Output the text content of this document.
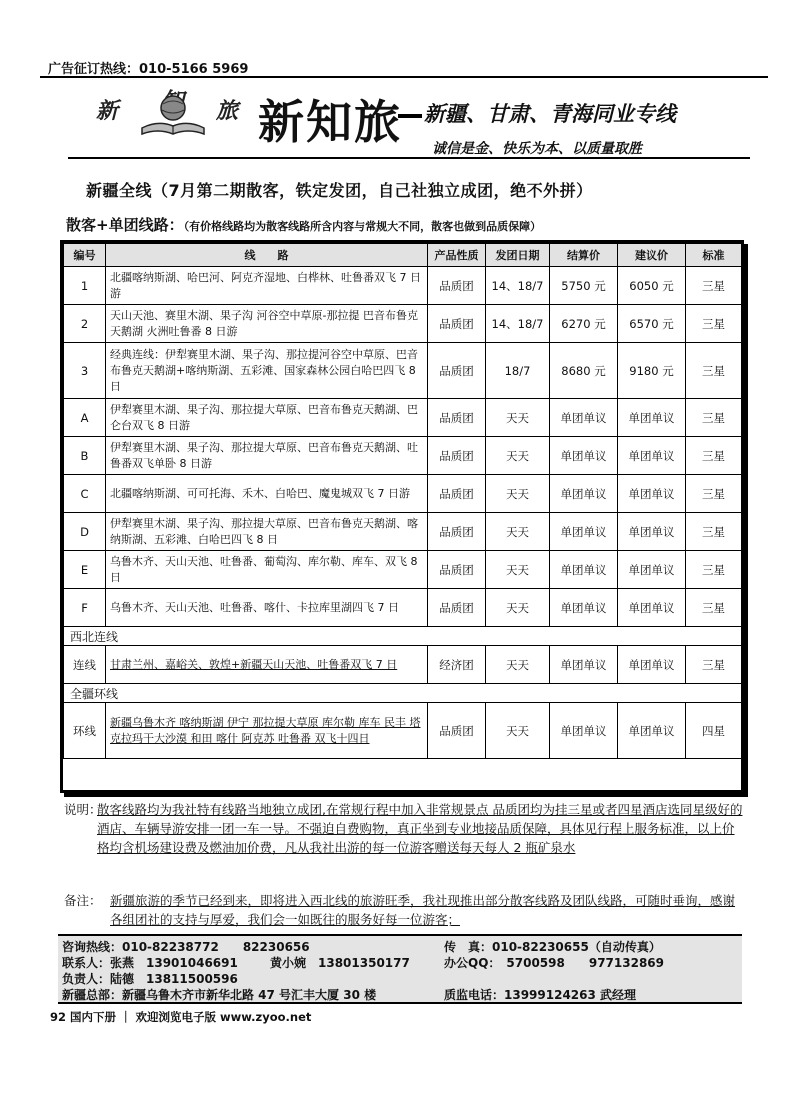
广告征订热线：010-5166 5969
新	旅 新知旅 新疆、甘肃、青海同业专线
诚信是金、快乐为本、以质量取胜
新疆全线（7月第二期散客，铁定发团，自己社独立成团，绝不外拼）
散客+单团线路：（有价格线路均为散客线路所含内容与常规大不同，散客也做到品质保障）
编号	线　　路	产品性质	发团日期	结算价	建议价	标准
1	北疆喀纳斯湖、哈巴河、阿克齐湿地、白桦林、吐鲁番双飞 7 日游	品质团	14、18/7	5750 元	6050 元	三星
2	天山天池、赛里木湖、果子沟 河谷空中草原-那拉提 巴音布鲁克天鹅湖 火洲吐鲁番 8 日游	品质团	14、18/7	6270 元	6570 元	三星
3	经典连线：伊犁赛里木湖、果子沟、那拉提河谷空中草原、巴音布鲁克天鹅湖+喀纳斯湖、五彩滩、国家森林公园白哈巴四飞 8 日	品质团	18/7	8680 元	9180 元	三星
A	伊犁赛里木湖、果子沟、那拉提大草原、巴音布鲁克天鹅湖、巴仑台双飞 8 日游	品质团	天天	单团单议	单团单议	三星
B	伊犁赛里木湖、果子沟、那拉提大草原、巴音布鲁克天鹅湖、吐鲁番双飞单卧 8 日游	品质团	天天	单团单议	单团单议	三星
C	北疆喀纳斯湖、可可托海、禾木、白哈巴、魔鬼城双飞 7 日游	品质团	天天	单团单议	单团单议	三星
D	伊犁赛里木湖、果子沟、那拉提大草原、巴音布鲁克天鹅湖、喀纳斯湖、五彩滩、白哈巴四飞 8 日	品质团	天天	单团单议	单团单议	三星
E	乌鲁木齐、天山天池、吐鲁番、葡萄沟、库尔勒、库车、双飞 8 日	品质团	天天	单团单议	单团单议	三星
F	乌鲁木齐、天山天池、吐鲁番、喀什、卡拉库里湖四飞 7 日	品质团	天天	单团单议	单团单议	三星
西北连线						
连线	甘肃兰州、嘉峪关、敦煌+新疆天山天池、吐鲁番双飞 7 日	经济团	天天	单团单议	单团单议	三星
全疆环线						
环线	新疆乌鲁木齐 喀纳斯湖 伊宁 那拉提大草原 库尔勒 库车 民丰 塔克拉玛干大沙漠 和田 喀什 阿克苏 吐鲁番 双飞十四日	品质团	天天	单团单议	单团单议	四星
说明：
散客线路均为我社特有线路当地独立成团,在常规行程中加入非常规景点 品质团均为挂三星或者四星酒店选同星级好的酒店、车辆导游安排一团一车一导。不强迫自费购物，真正坐到专业地接品质保障，具体见行程上服务标准，以上价格均含机场建设费及燃油加价费，凡从我社出游的每一位游客赠送每天每人 2 瓶矿泉水
备注： 新疆旅游的季节已经到来，即将进入西北线的旅游旺季，我社现推出部分散客线路及团队线路，可随时垂询，感谢各组团社的支持与厚爱，我们会一如既往的服务好每一位游客；
咨询热线：010-82238772　　82230656	传　真：010-82230655（自动传真）
联系人：张燕　13901046691	黄小婉　13801350177	办公QQ：　5700598　　977132869
负责人：陆德　13811500596
新疆总部：新疆乌鲁木齐市新华北路 47 号汇丰大厦 30 楼	质监电话：13999124263 武经理
92 国内下册 ｜ 欢迎浏览电子版 www.zyoo.net
